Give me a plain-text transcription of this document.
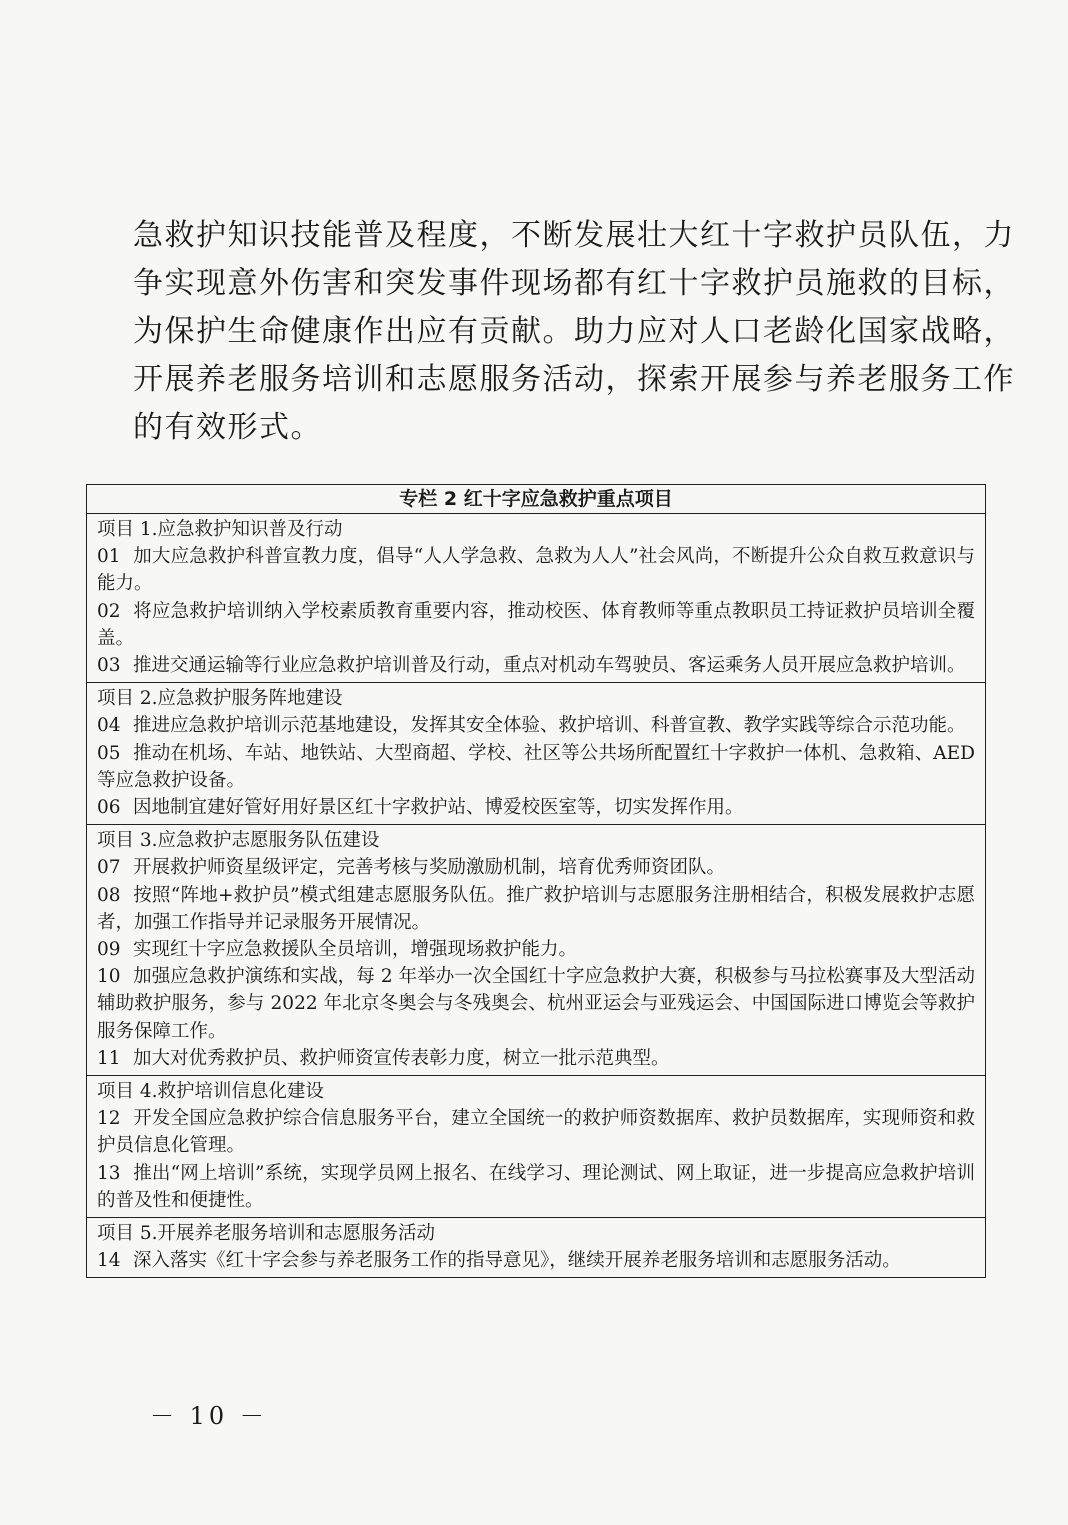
急救护知识技能普及程度，不断发展壮大红十字救护员队伍，力
争实现意外伤害和突发事件现场都有红十字救护员施救的目标，
为保护生命健康作出应有贡献。助力应对人口老龄化国家战略，
开展养老服务培训和志愿服务活动，探索开展参与养老服务工作
的有效形式。
专栏 2 红十字应急救护重点项目
项目 1.应急救护知识普及行动
01 加大应急救护科普宣教力度，倡导“人人学急救、急救为人人”社会风尚，不断提升公众自救互救意识与能力。
02 将应急救护培训纳入学校素质教育重要内容，推动校医、体育教师等重点教职员工持证救护员培训全覆盖。
03 推进交通运输等行业应急救护培训普及行动，重点对机动车驾驶员、客运乘务人员开展应急救护培训。
项目 2.应急救护服务阵地建设
04 推进应急救护培训示范基地建设，发挥其安全体验、救护培训、科普宣教、教学实践等综合示范功能。
05 推动在机场、车站、地铁站、大型商超、学校、社区等公共场所配置红十字救护一体机、急救箱、AED 等应急救护设备。
06 因地制宜建好管好用好景区红十字救护站、博爱校医室等，切实发挥作用。
项目 3.应急救护志愿服务队伍建设
07 开展救护师资星级评定，完善考核与奖励激励机制，培育优秀师资团队。
08 按照“阵地+救护员”模式组建志愿服务队伍。推广救护培训与志愿服务注册相结合，积极发展救护志愿者，加强工作指导并记录服务开展情况。
09 实现红十字应急救援队全员培训，增强现场救护能力。
10 加强应急救护演练和实战，每 2 年举办一次全国红十字应急救护大赛，积极参与马拉松赛事及大型活动辅助救护服务，参与 2022 年北京冬奥会与冬残奥会、杭州亚运会与亚残运会、中国国际进口博览会等救护服务保障工作。
11 加大对优秀救护员、救护师资宣传表彰力度，树立一批示范典型。
项目 4.救护培训信息化建设
12 开发全国应急救护综合信息服务平台，建立全国统一的救护师资数据库、救护员数据库，实现师资和救护员信息化管理。
13 推出“网上培训”系统，实现学员网上报名、在线学习、理论测试、网上取证，进一步提高应急救护培训的普及性和便捷性。
项目 5.开展养老服务培训和志愿服务活动
14 深入落实《红十字会参与养老服务工作的指导意见》，继续开展养老服务培训和志愿服务活动。
－ 10 －
